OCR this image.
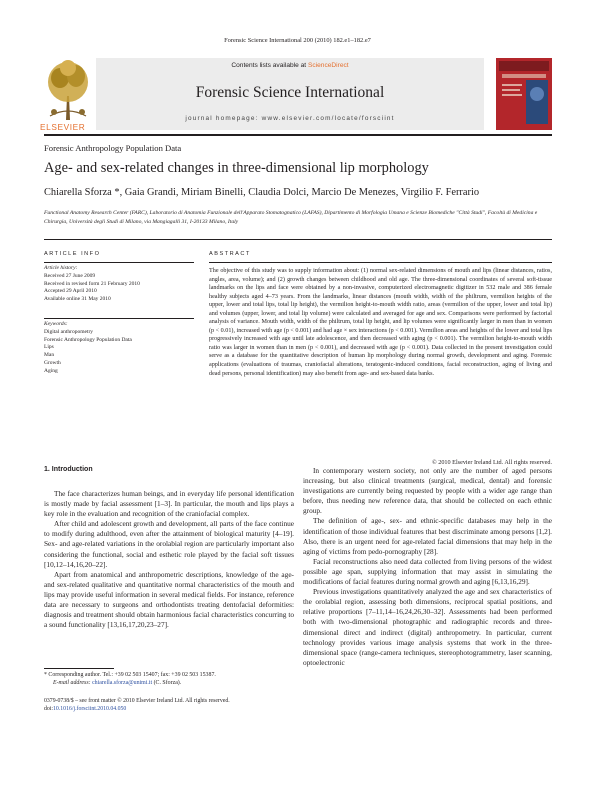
Forensic Science International 200 (2010) 182.e1–182.e7
ELSEVIER
Contents lists available at ScienceDirect
Forensic Science International
journal homepage: www.elsevier.com/locate/forsciint
Forensic Anthropology Population Data
Age- and sex-related changes in three-dimensional lip morphology
Chiarella Sforza *, Gaia Grandi, Miriam Binelli, Claudia Dolci, Marcio De Menezes, Virgilio F. Ferrario
Functional Anatomy Research Center (FARC), Laboratorio di Anatomia Funzionale dell'Apparato Stomatognatico (LAFAS), Dipartimento di Morfologia Umana e Scienze Biomediche "Città Studi", Facoltà di Medicina e Chirurgia, Università degli Studi di Milano, via Mangiagalli 31, I-20133 Milano, Italy
ARTICLE INFO
Article history:
Received 27 June 2009
Received in revised form 21 February 2010
Accepted 29 April 2010
Available online 31 May 2010
Keywords:
Digital anthropometry
Forensic Anthropology Population Data
Lips
Man
Growth
Aging
ABSTRACT
The objective of this study was to supply information about: (1) normal sex-related dimensions of mouth and lips (linear distances, ratios, angles, area, volume); and (2) growth changes between childhood and old age. The three-dimensional coordinates of several soft-tissue landmarks on the lips and face were obtained by a non-invasive, computerized electromagnetic digitizer in 532 male and 386 female healthy subjects aged 4–73 years. From the landmarks, linear distances (mouth width, width of the philtrum, vermilion heights of the upper, lower and total lips, total lip height), the vermilion height-to-mouth width ratio, areas (vermilion of the upper, lower and total lip) and volumes (upper, lower, and total lip volume) were calculated and averaged for age and sex. Comparisons were performed by factorial analysis of variance. Mouth width, width of the philtrum, total lip height, and lip volumes were significantly larger in men than in women (p < 0.01), increased with age (p < 0.001) and had age × sex interactions (p < 0.001). Vermilion areas and heights of the lower and total lips progressively increased with age until late adolescence, and then decreased with aging (p < 0.001). The vermilion height-to-mouth width ratio was larger in women than in men (p < 0.001), and decreased with age (p < 0.001). Data collected in the present investigation could serve as a database for the quantitative description of human lip morphology during normal growth, development and aging. Forensic applications (evaluations of traumas, craniofacial alterations, teratogenic-induced conditions, facial reconstruction, aging of living and dead persons, personal identification) may also benefit from age- and sex-based data banks.
© 2010 Elsevier Ireland Ltd. All rights reserved.
1. Introduction

The face characterizes human beings, and in everyday life personal identification is mostly made by facial assessment [1–3]. In particular, the mouth and lips plays a key role in the evaluation and recognition of the craniofacial complex.

After child and adolescent growth and development, all parts of the face continue to modify during adulthood, even after the attainment of biological maturity [4–19]. Sex- and age-related variations in the orolabial region are particularly important also considering the functional, social and esthetic role played by the facial soft tissues [10,12–14,16,20–22].

Apart from anatomical and anthropometric descriptions, knowledge of the age- and sex-related qualitative and quantitative normal characteristics of the mouth and lips may provide useful information in several medical fields. For instance, reference data are necessary to surgeons and orthodontists treating dentofacial deformities: diagnosis and treatment should obtain harmonious facial characteristics concurring to a sound functionality [13,16,17,20,23–27].

In contemporary western society, not only are the number of aged persons increasing, but also clinical treatments (surgical, medical, dental) and forensic investigations are currently being requested by people with a wider age range than before, thus needing new reference data, that should be collected on each ethnic group.

The definition of age-, sex- and ethnic-specific databases may help in the identification of those individual features that best discriminate among persons [1,2]. Also, there is an urgent need for age-related facial dimensions that may help in the aging of victims from pedo-pornography [28].

Facial reconstructions also need data collected from living persons of the widest possible age span, supplying information that may assist in simulating the modifications of facial features during normal growth and aging [6,13,16,29].

Previous investigations quantitatively analyzed the age and sex characteristics of the orolabial region, assessing both dimensions, reciprocal spatial positions, and relative proportions [7–11,14–16,24,26,30–32]. Assessments had been performed both with two-dimensional photographic and radiographic records and three-dimensional direct and indirect (digital) anthropometry. In particular, current technology provides various image analysis systems that work in the three-dimensional space (range-camera techniques, stereophotogrammetry, laser scanning, optoelectronic

* Corresponding author. Tel.: +39 02 503 15407; fax: +39 02 503 15387.
E-mail address: chiarella.sforza@unimi.it (C. Sforza).
0379-0738/$ – see front matter © 2010 Elsevier Ireland Ltd. All rights reserved.
doi:10.1016/j.forsciint.2010.04.050
